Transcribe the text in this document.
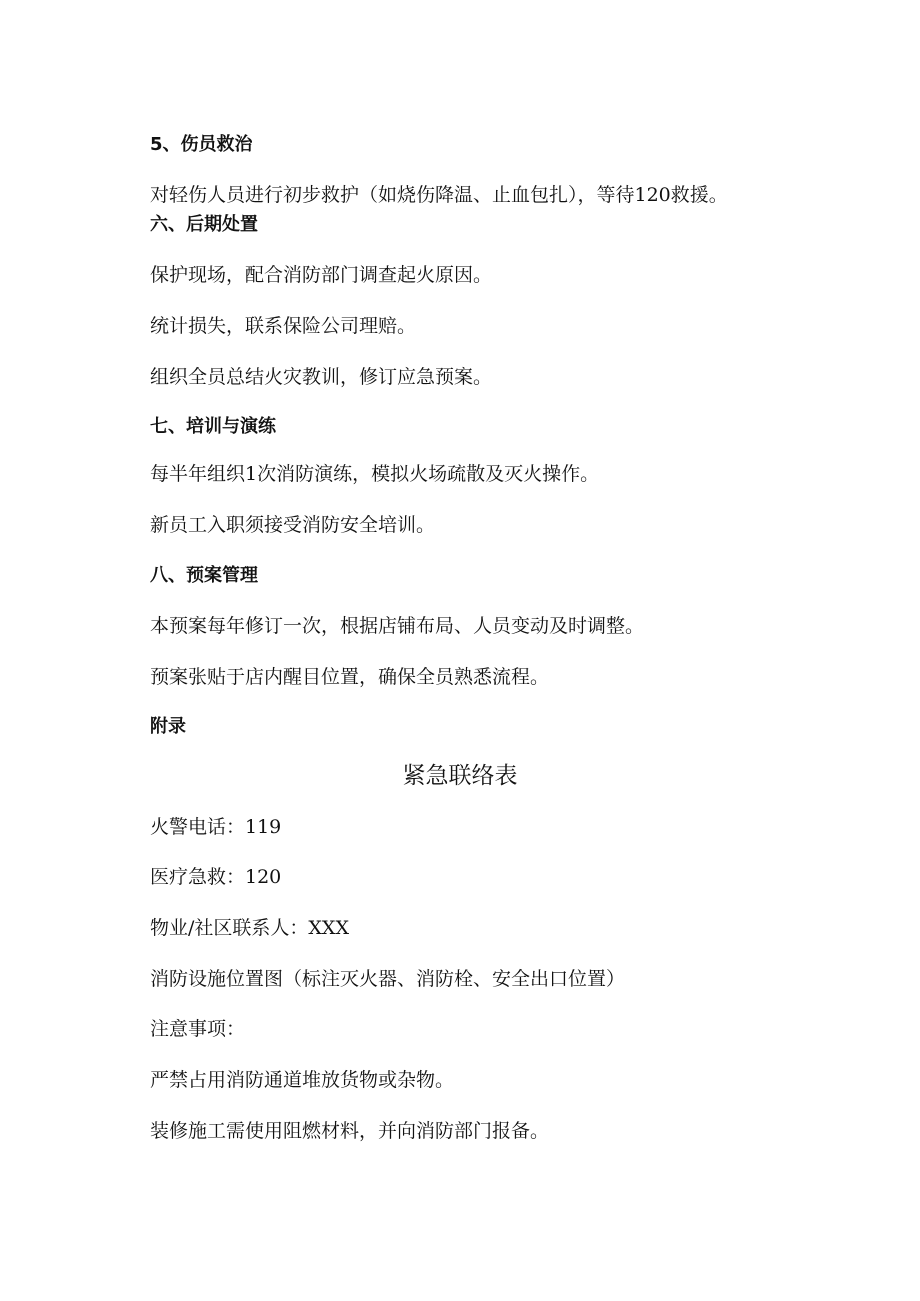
5、伤员救治
对轻伤人员进行初步救护（如烧伤降温、止血包扎），等待120救援。
六、后期处置
保护现场，配合消防部门调查起火原因。
统计损失，联系保险公司理赔。
组织全员总结火灾教训，修订应急预案。
七、培训与演练
每半年组织1次消防演练，模拟火场疏散及灭火操作。
新员工入职须接受消防安全培训。
八、预案管理
本预案每年修订一次，根据店铺布局、人员变动及时调整。
预案张贴于店内醒目位置，确保全员熟悉流程。
附录
紧急联络表
火警电话：119
医疗急救：120
物业/社区联系人：XXX
消防设施位置图（标注灭火器、消防栓、安全出口位置）
注意事项：
严禁占用消防通道堆放货物或杂物。
装修施工需使用阻燃材料，并向消防部门报备。
